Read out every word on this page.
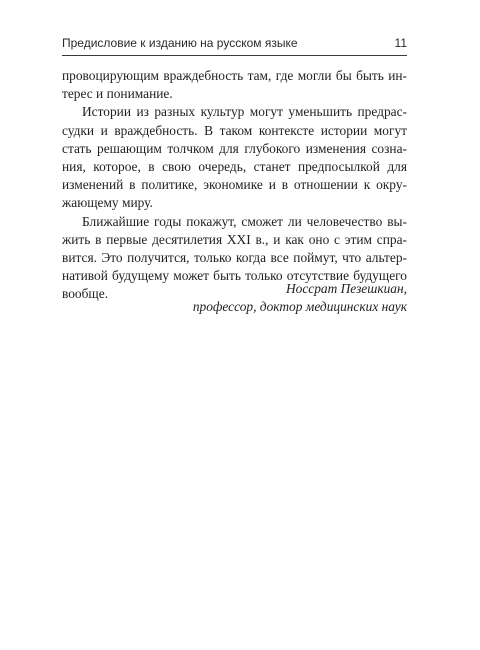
Предисловие к изданию на русском языке	11
провоцирующим враждебность там, где могли бы быть ин-
терес и понимание.
Истории из разных культур могут уменьшить предрас-
судки и враждебность. В таком контексте истории могут
стать решающим толчком для глубокого изменения созна-
ния, которое, в свою очередь, станет предпосылкой для
изменений в политике, экономике и в отношении к окру-
жающему миру.
Ближайшие годы покажут, сможет ли человечество вы-
жить в первые десятилетия XXI в., и как оно с этим спра-
вится. Это получится, только когда все поймут, что альтер-
нативой будущему может быть только отсутствие будущего
вообще.	Носсрат Пезешкиан,
профессор, доктор медицинских наук
